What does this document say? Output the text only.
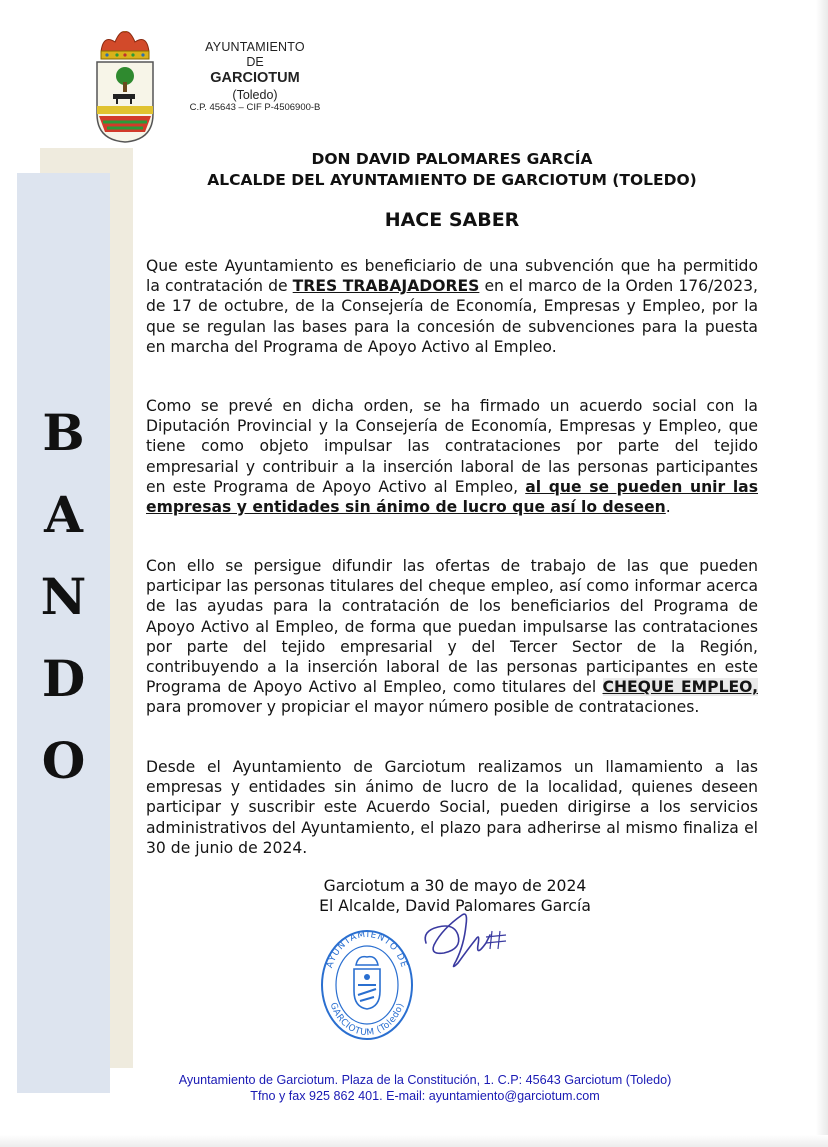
AYUNTAMIENTO
DE
GARCIOTUM
(Toledo)
C.P. 45643 – CIF P-4506900-B
B
A
N
D
O
DON DAVID PALOMARES GARCÍA
ALCALDE DEL AYUNTAMIENTO DE GARCIOTUM (TOLEDO)
HACE SABER
Que este Ayuntamiento es beneficiario de una subvención que ha permitido la contratación de TRES TRABAJADORES en el marco de la Orden 176/2023, de 17 de octubre, de la Consejería de Economía, Empresas y Empleo, por la que se regulan las bases para la concesión de subvenciones para la puesta en marcha del Programa de Apoyo Activo al Empleo.
Como se prevé en dicha orden, se ha firmado un acuerdo social con la Diputación Provincial y la Consejería de Economía, Empresas y Empleo, que tiene como objeto impulsar las contrataciones por parte del tejido empresarial y contribuir a la inserción laboral de las personas participantes en este Programa de Apoyo Activo al Empleo, al que se pueden unir las empresas y entidades sin ánimo de lucro que así lo deseen.
Con ello se persigue difundir las ofertas de trabajo de las que pueden participar las personas titulares del cheque empleo, así como informar acerca de las ayudas para la contratación de los beneficiarios del Programa de Apoyo Activo al Empleo, de forma que puedan impulsarse las contrataciones por parte del tejido empresarial y del Tercer Sector de la Región, contribuyendo a la inserción laboral de las personas participantes en este Programa de Apoyo Activo al Empleo, como titulares del CHEQUE EMPLEO, para promover y propiciar el mayor número posible de contrataciones.
Desde el Ayuntamiento de Garciotum realizamos un llamamiento a las empresas y entidades sin ánimo de lucro de la localidad, quienes deseen participar y suscribir este Acuerdo Social, pueden dirigirse a los servicios administrativos del Ayuntamiento, el plazo para adherirse al mismo finaliza el 30 de junio de 2024.
Garciotum a 30 de mayo de 2024
El Alcalde, David Palomares García
AYUNTAMIENTO DE
GARCIOTUM (Toledo)
Ayuntamiento de Garciotum. Plaza de la Constitución, 1. C.P: 45643 Garciotum (Toledo)
Tfno y fax 925 862 401. E-mail: ayuntamiento@garciotum.com
